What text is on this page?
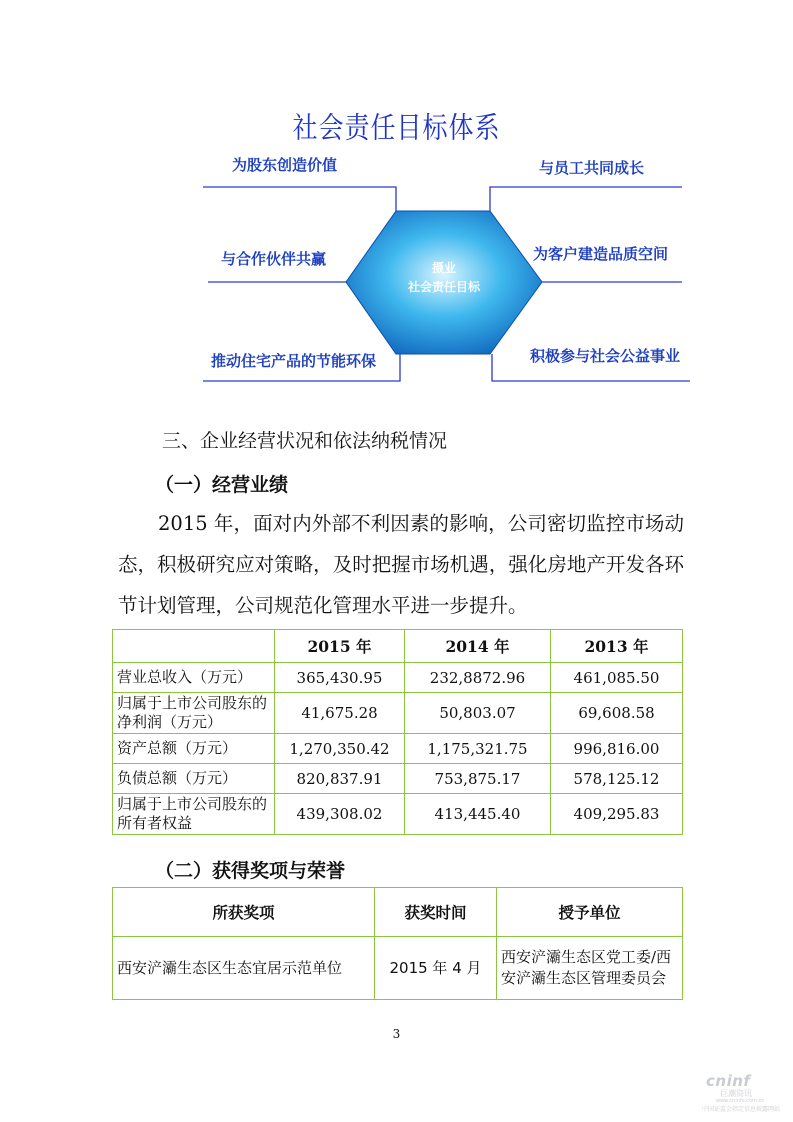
社会责任目标体系
摄业
社会责任目标
为股东创造价值
与合作伙伴共赢
推动住宅产品的节能环保
与员工共同成长
为客户建造品质空间
积极参与社会公益事业
三、企业经营状况和依法纳税情况
（一）经营业绩

2015 年，面对内外部不利因素的影响，公司密切监控市场动态，积极研究应对策略，及时把握市场机遇，强化房地产开发各环节计划管理，公司规范化管理水平进一步提升。

	2015 年	2014 年	2013 年
营业总收入（万元）	365,430.95	232,8872.96	461,085.50
归属于上市公司股东的净利润（万元）	41,675.28	50,803.07	69,608.58
资产总额（万元）	1,270,350.42	1,175,321.75	996,816.00
负债总额（万元）	820,837.91	753,875.17	578,125.12
归属于上市公司股东的所有者权益	439,308.02	413,445.40	409,295.83
（二）获得奖项与荣誉
所获奖项	获奖时间	授予单位
西安浐灞生态区生态宜居示范单位	2015 年 4 月	西安浐灞生态区党工委/西安浐灞生态区管理委员会
3
cninf
巨潮资讯
www.cninfo.com.cn
中国证监会指定信息披露网站
